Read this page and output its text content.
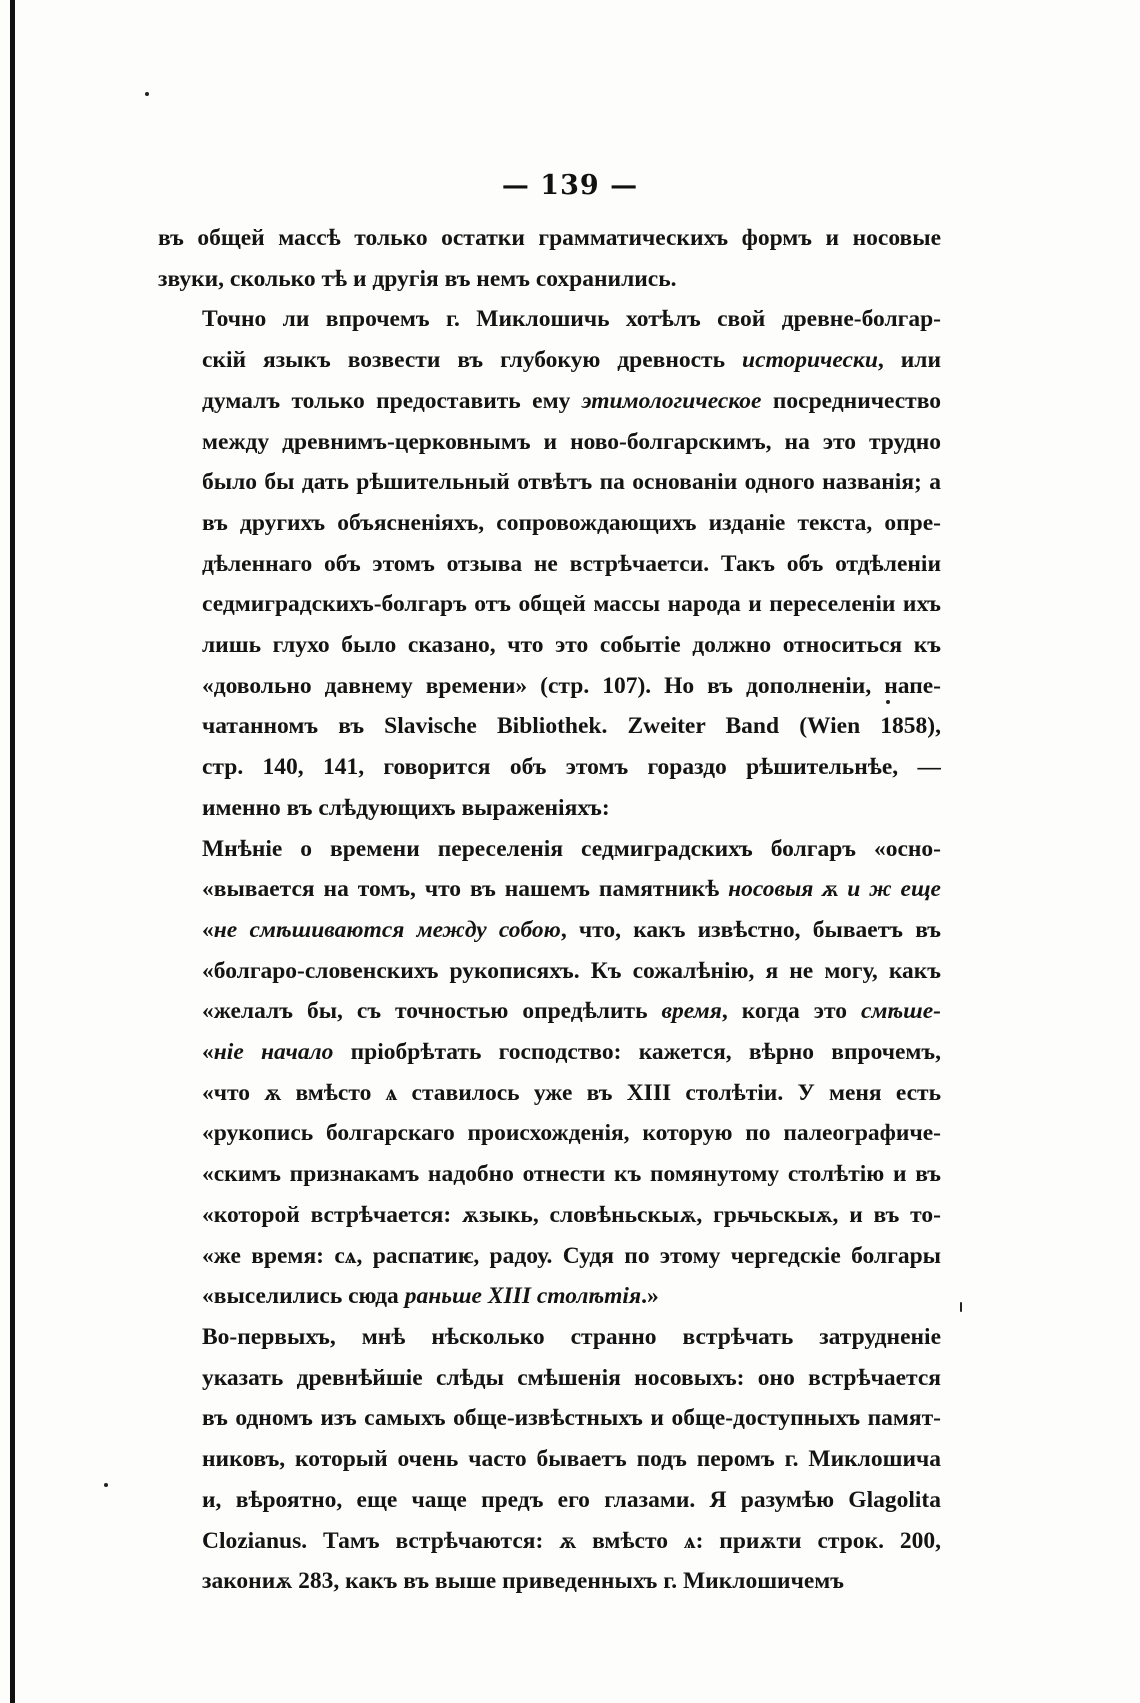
— 139 —

въ общей массѣ только остатки грамматическихъ формъ и носовые
звуки, сколько тѣ и другія въ немъ сохранились.

Точно ли впрочемъ г. Миклошичь хотѣлъ свой древне-болгар-
скій языкъ возвести въ глубокую древность исторически, или
думалъ только предоставить ему этимологическое посредничество
между древнимъ-церковнымъ и ново-болгарскимъ, на это трудно
было бы дать рѣшительный отвѣтъ па основаніи одного названія; а
въ другихъ объясненіяхъ, сопровождающихъ изданіе текста, опре-
дѣленнаго объ этомъ отзыва не встрѣчаетси. Такъ объ отдѣленіи
седмиградскихъ-болгаръ отъ общей массы народа и переселеніи ихъ
лишь глухо было сказано, что это событіе должно относиться къ
«довольно давнему времени» (стр. 107). Но въ дополненіи, напе-
чатанномъ въ Slavische Bibliothek. Zweiter Band (Wien 1858),
стр. 140, 141, говорится объ этомъ гораздо рѣшительнѣе, —
именно въ слѣдующихъ выраженіяхъ:

Мнѣніе о времени переселенія седмиградскихъ болгаръ «осно-
«вывается на томъ, что въ нашемъ памятникѣ носовыя ѫ и ж еще
«не смѣшиваются между собою, что, какъ извѣстно, бываетъ въ
«болгаро-словенскихъ рукописяхъ. Къ сожалѣнію, я не могу, какъ
«желалъ бы, съ точностью опредѣлить время, когда это смѣше-
«ніе начало пріобрѣтать господство: кажется, вѣрно впрочемъ,
«что ѫ вмѣсто ѧ ставилось уже въ XIII столѣтіи. У меня есть
«рукопись болгарскаго происхожденія, которую по палеографиче-
«скимъ признакамъ надобно отнести къ помянутому столѣтію и въ
«которой встрѣчается: ѫзыкь, словѣньскыѫ, грьчьскыѫ, и въ то-
«же время: сѧ, распатиѥ, радоу. Судя по этому чергедскіе болгары
«выселились сюда раньше XIII столѣтія.»

Во-первыхъ, мнѣ нѣсколько странно встрѣчать затрудненіе
указать древнѣйшіе слѣды смѣшенія носовыхъ: оно встрѣчается
въ одномъ изъ самыхъ обще-извѣстныхъ и обще-доступныхъ памят-
никовъ, который очень часто бываетъ подъ перомъ г. Миклошича
и, вѣроятно, еще чаще предъ его глазами. Я разумѣю Glagolita
Clozianus. Тамъ встрѣчаются: ѫ вмѣсто ѧ: приѫти строк. 200,
закониѫ 283, какъ въ выше приведенныхъ г. Миклошичемъ
